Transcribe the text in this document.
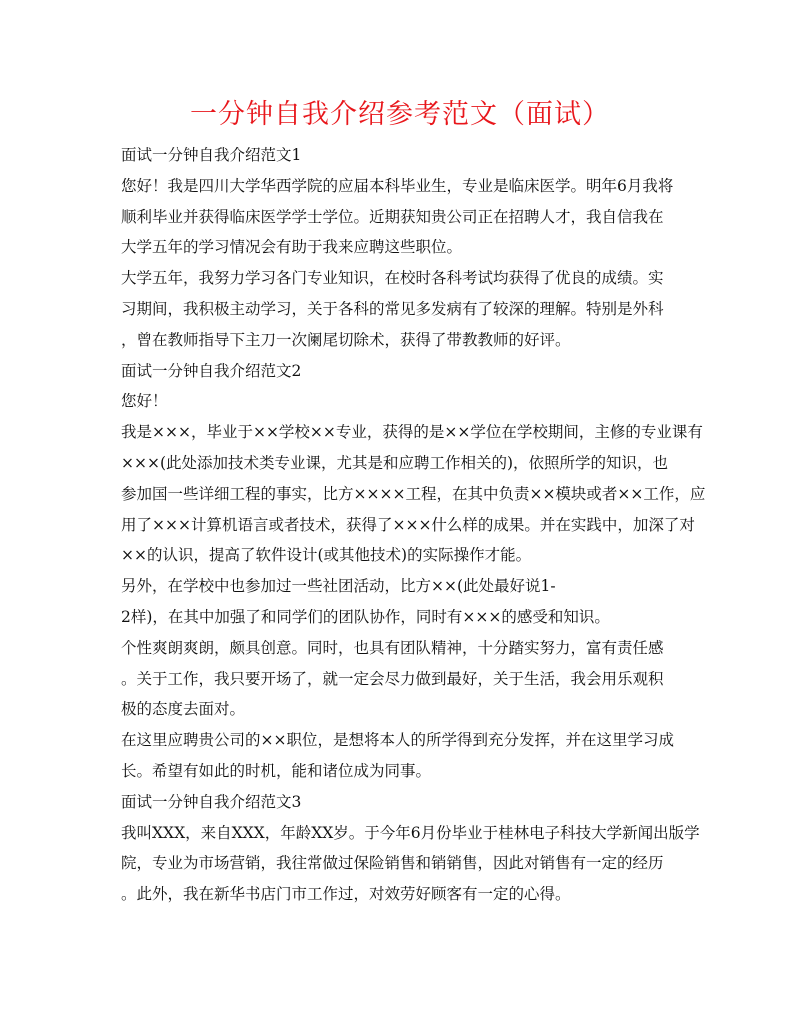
一分钟自我介绍参考范文（面试）
面试一分钟自我介绍范文1
您好！我是四川大学华西学院的应届本科毕业生，专业是临床医学。明年6月我将
顺利毕业并获得临床医学学士学位。近期获知贵公司正在招聘人才，我自信我在
大学五年的学习情况会有助于我来应聘这些职位。
大学五年，我努力学习各门专业知识，在校时各科考试均获得了优良的成绩。实
习期间，我积极主动学习，关于各科的常见多发病有了较深的理解。特别是外科
，曾在教师指导下主刀一次阑尾切除术，获得了带教教师的好评。
面试一分钟自我介绍范文2
您好！
我是×××，毕业于××学校××专业，获得的是××学位在学校期间，主修的专业课有
×××(此处添加技术类专业课，尤其是和应聘工作相关的)，依照所学的知识，也
参加国一些详细工程的事实，比方××××工程，在其中负责××模块或者××工作，应
用了×××计算机语言或者技术，获得了×××什么样的成果。并在实践中，加深了对
××的认识，提高了软件设计(或其他技术)的实际操作才能。
另外，在学校中也参加过一些社团活动，比方××(此处最好说1-
2样)，在其中加强了和同学们的团队协作，同时有×××的感受和知识。
个性爽朗爽朗，颇具创意。同时，也具有团队精神，十分踏实努力，富有责任感
。关于工作，我只要开场了，就一定会尽力做到最好，关于生活，我会用乐观积
极的态度去面对。
在这里应聘贵公司的××职位，是想将本人的所学得到充分发挥，并在这里学习成
长。希望有如此的时机，能和诸位成为同事。
面试一分钟自我介绍范文3
我叫XXX，来自XXX，年龄XX岁。于今年6月份毕业于桂林电子科技大学新闻出版学
院，专业为市场营销，我往常做过保险销售和销销售，因此对销售有一定的经历
。此外，我在新华书店门市工作过，对效劳好顾客有一定的心得。
